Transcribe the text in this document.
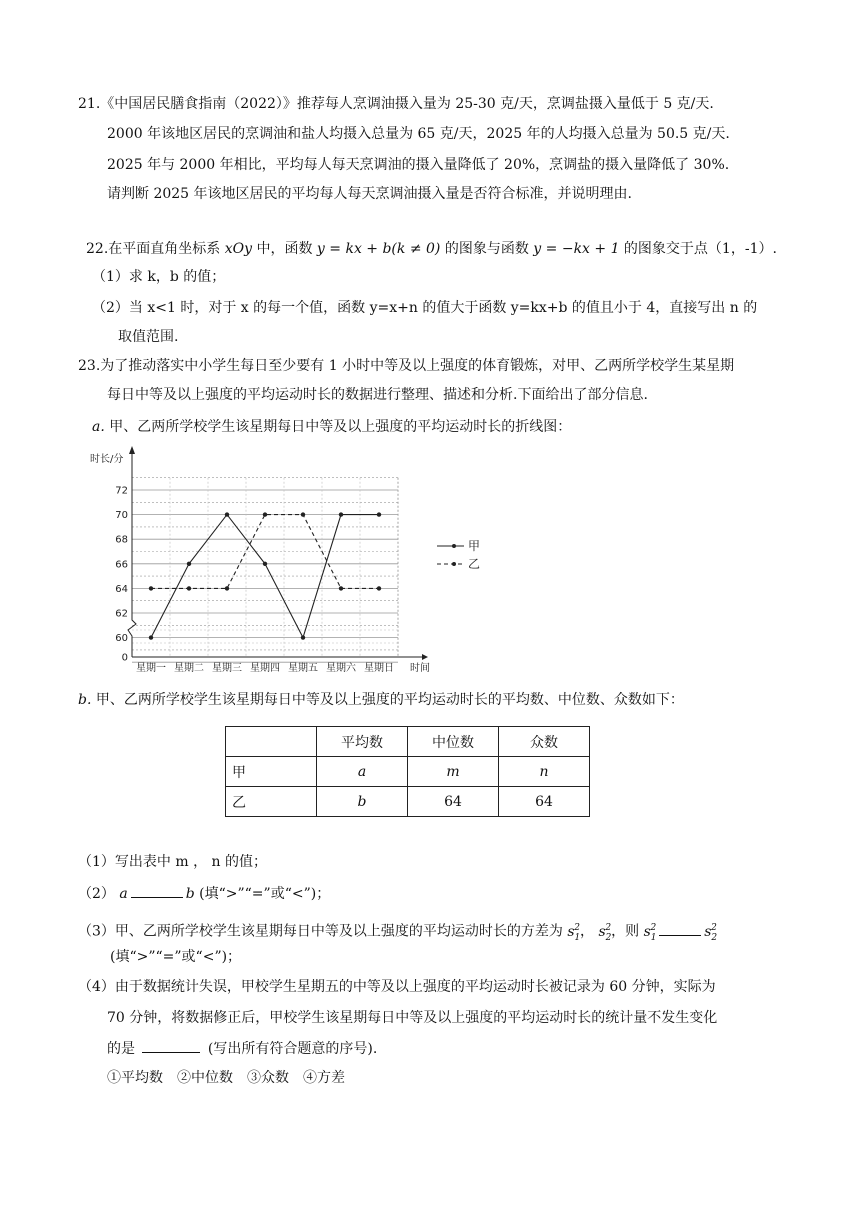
21.《中国居民膳食指南（2022）》推荐每人烹调油摄入量为 25-30 克/天，烹调盐摄入量低于 5 克/天.
2000 年该地区居民的烹调油和盐人均摄入总量为 65 克/天，2025 年的人均摄入总量为 50.5 克/天.
2025 年与 2000 年相比，平均每人每天烹调油的摄入量降低了 20%，烹调盐的摄入量降低了 30%.
请判断 2025 年该地区居民的平均每人每天烹调油摄入量是否符合标准，并说明理由.
22.在平面直角坐标系 xOy 中，函数 y = kx + b(k ≠ 0) 的图象与函数 y = −kx + 1 的图象交于点（1，-1）.
（1）求 k，b 的值；
（2）当 x<1 时，对于 x 的每一个值，函数 y=x+n 的值大于函数 y=kx+b 的值且小于 4，直接写出 n 的
取值范围.
23.为了推动落实中小学生每日至少要有 1 小时中等及以上强度的体育锻炼，对甲、乙两所学校学生某星期
每日中等及以上强度的平均运动时长的数据进行整理、描述和分析.下面给出了部分信息.
a. 甲、乙两所学校学生该星期每日中等及以上强度的平均运动时长的折线图：
时长/分
0
60
62
64
66
68
70
72
星期一 星期二 星期三 星期四 星期五 星期六 星期日 时间
甲
乙
b. 甲、乙两所学校学生该星期每日中等及以上强度的平均运动时长的平均数、中位数、众数如下：
	平均数	中位数	众数
甲	a	m	n
乙	b	64	64
（1）写出表中 m ， n 的值；
（2） a	b (填“>”“=”或“<”)；
（3）甲、乙两所学校学生该星期每日中等及以上强度的平均运动时长的方差为 $s_1^2$， $s_2^2$，则 $s_1^2$	$s_2^2$
(填“>”“=”或“<”)；
（4）由于数据统计失误，甲校学生星期五的中等及以上强度的平均运动时长被记录为 60 分钟，实际为
70 分钟，将数据修正后，甲校学生该星期每日中等及以上强度的平均运动时长的统计量不发生变化
的是	(写出所有符合题意的序号).
①平均数　②中位数　③众数　④方差
